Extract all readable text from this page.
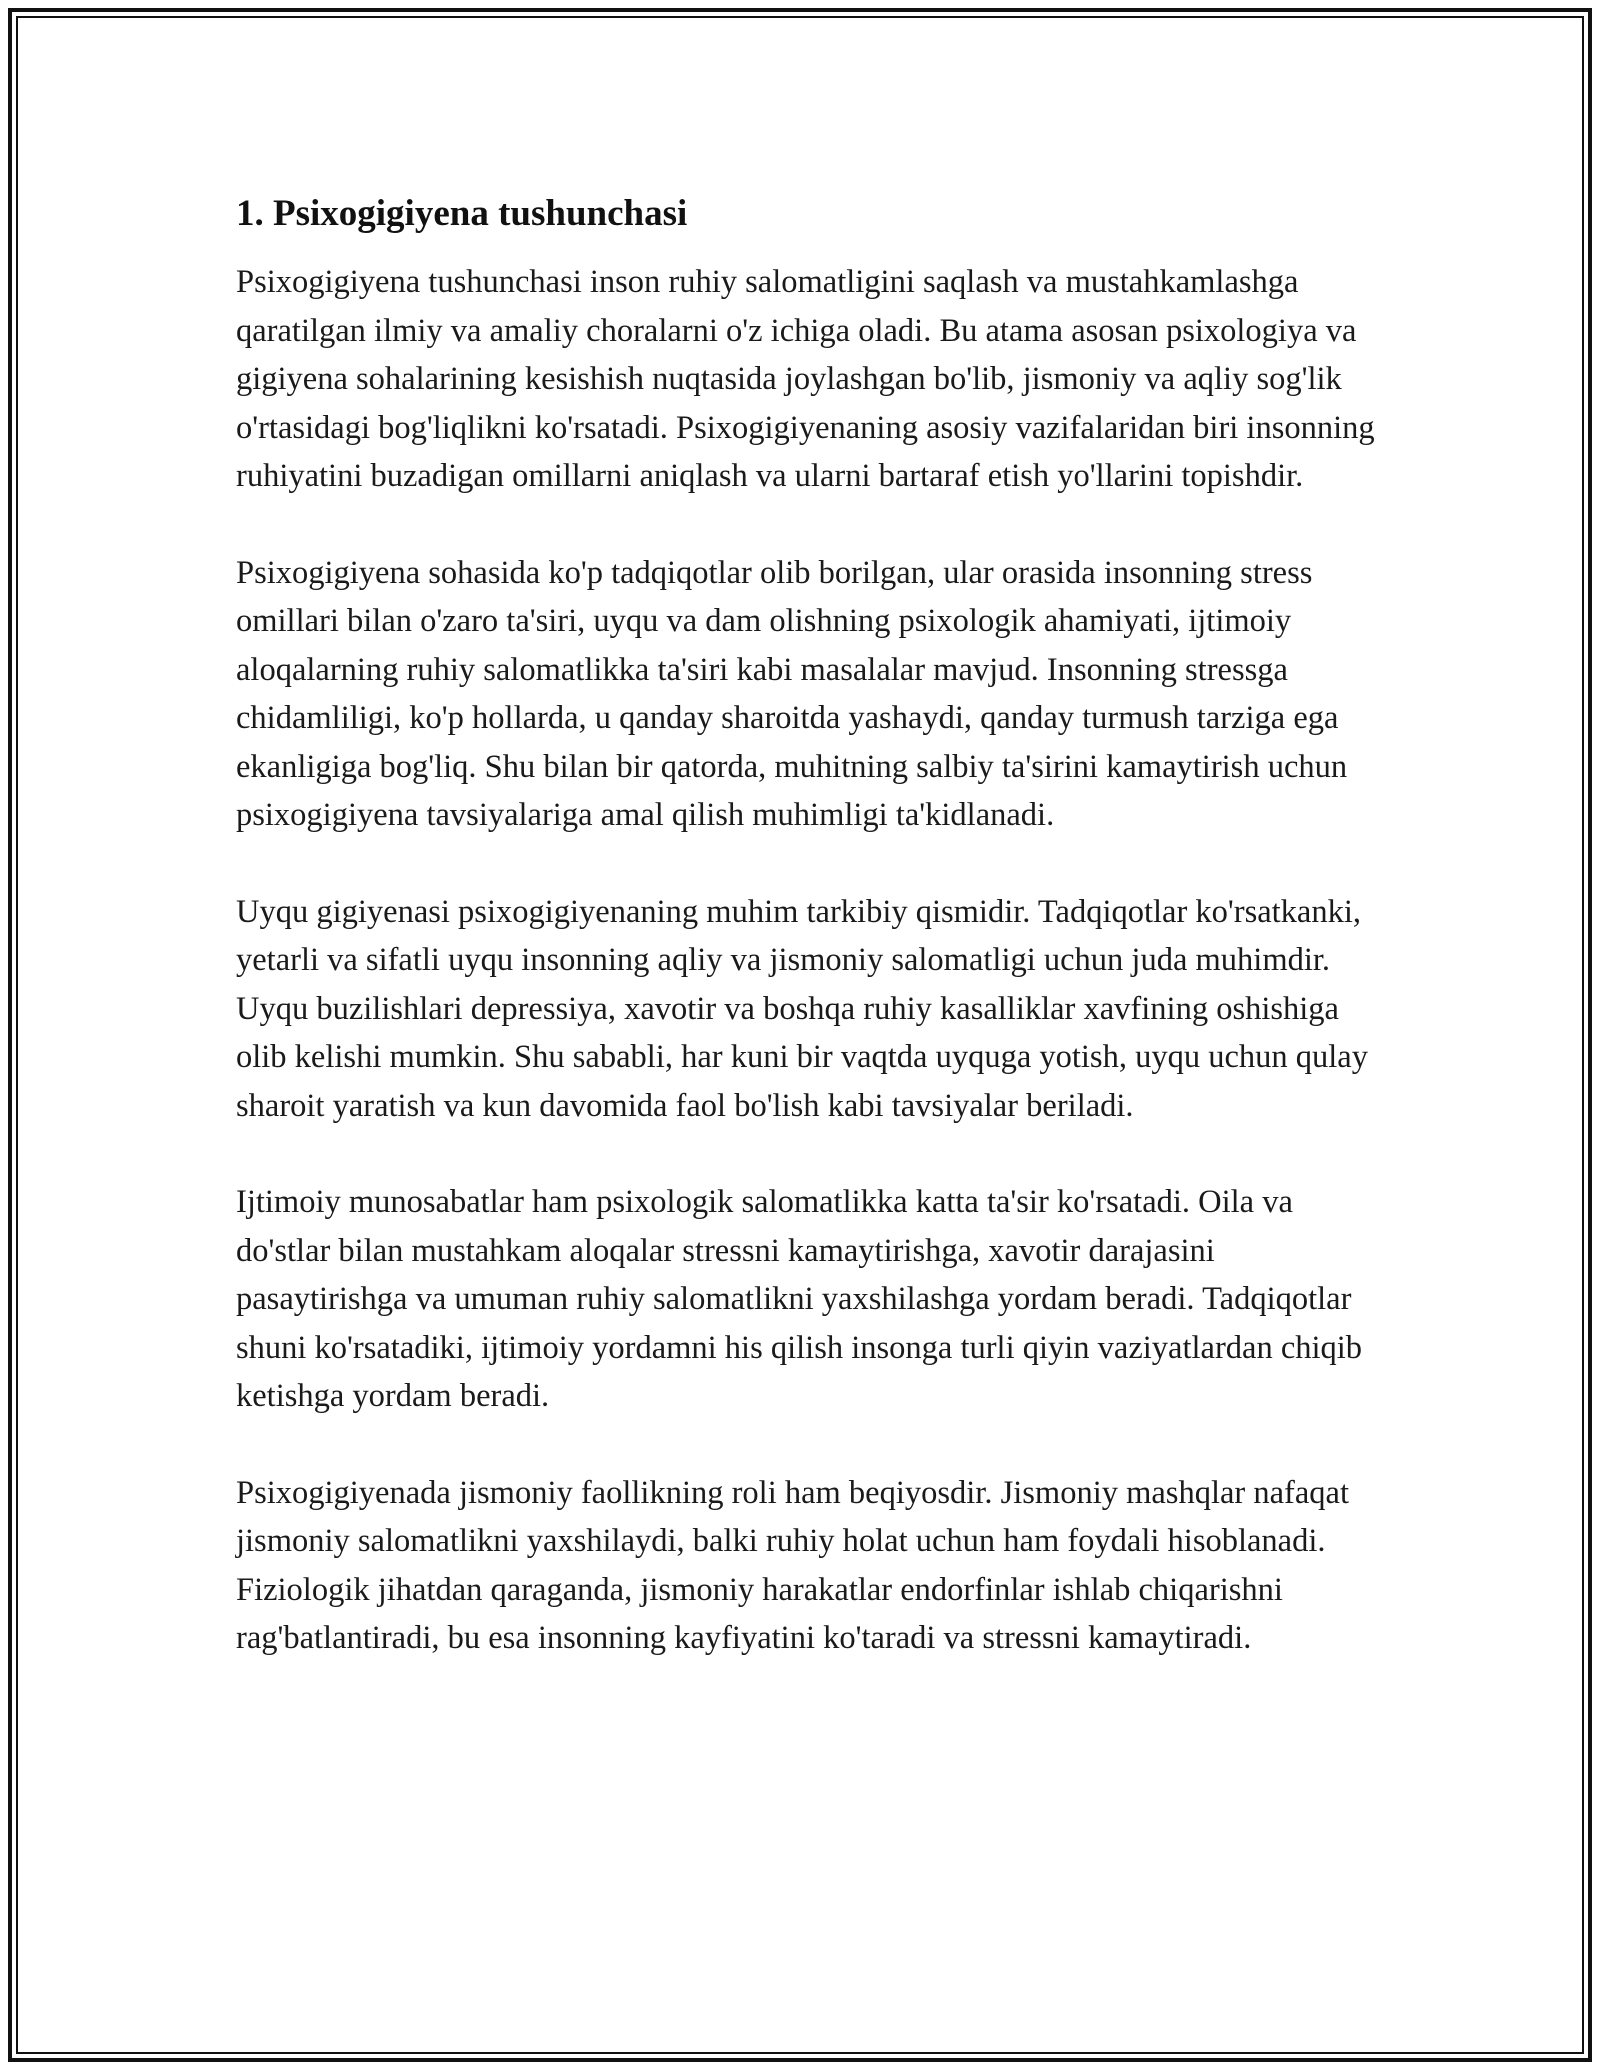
1. Psixogigiyena tushunchasi

Psixogigiyena tushunchasi inson ruhiy salomatligini saqlash va mustahkamlashga qaratilgan ilmiy va amaliy choralarni o'z ichiga oladi. Bu atama asosan psixologiya va gigiyena sohalarining kesishish nuqtasida joylashgan bo'lib, jismoniy va aqliy sog'lik o'rtasidagi bog'liqlikni ko'rsatadi. Psixogigiyenaning asosiy vazifalaridan biri insonning ruhiyatini buzadigan omillarni aniqlash va ularni bartaraf etish yo'llarini topishdir.

Psixogigiyena sohasida ko'p tadqiqotlar olib borilgan, ular orasida insonning stress omillari bilan o'zaro ta'siri, uyqu va dam olishning psixologik ahamiyati, ijtimoiy aloqalarning ruhiy salomatlikka ta'siri kabi masalalar mavjud. Insonning stressga chidamliligi, ko'p hollarda, u qanday sharoitda yashaydi, qanday turmush tarziga ega ekanligiga bog'liq. Shu bilan bir qatorda, muhitning salbiy ta'sirini kamaytirish uchun psixogigiyena tavsiyalariga amal qilish muhimligi ta'kidlanadi.

Uyqu gigiyenasi psixogigiyenaning muhim tarkibiy qismidir. Tadqiqotlar ko'rsatkanki, yetarli va sifatli uyqu insonning aqliy va jismoniy salomatligi uchun juda muhimdir. Uyqu buzilishlari depressiya, xavotir va boshqa ruhiy kasalliklar xavfining oshishiga olib kelishi mumkin. Shu sababli, har kuni bir vaqtda uyquga yotish, uyqu uchun qulay sharoit yaratish va kun davomida faol bo'lish kabi tavsiyalar beriladi.

Ijtimoiy munosabatlar ham psixologik salomatlikka katta ta'sir ko'rsatadi. Oila va do'stlar bilan mustahkam aloqalar stressni kamaytirishga, xavotir darajasini pasaytirishga va umuman ruhiy salomatlikni yaxshilashga yordam beradi. Tadqiqotlar shuni ko'rsatadiki, ijtimoiy yordamni his qilish insonga turli qiyin vaziyatlardan chiqib ketishga yordam beradi.

Psixogigiyenada jismoniy faollikning roli ham beqiyosdir. Jismoniy mashqlar nafaqat jismoniy salomatlikni yaxshilaydi, balki ruhiy holat uchun ham foydali hisoblanadi. Fiziologik jihatdan qaraganda, jismoniy harakatlar endorfinlar ishlab chiqarishni rag'batlantiradi, bu esa insonning kayfiyatini ko'taradi va stressni kamaytiradi.
